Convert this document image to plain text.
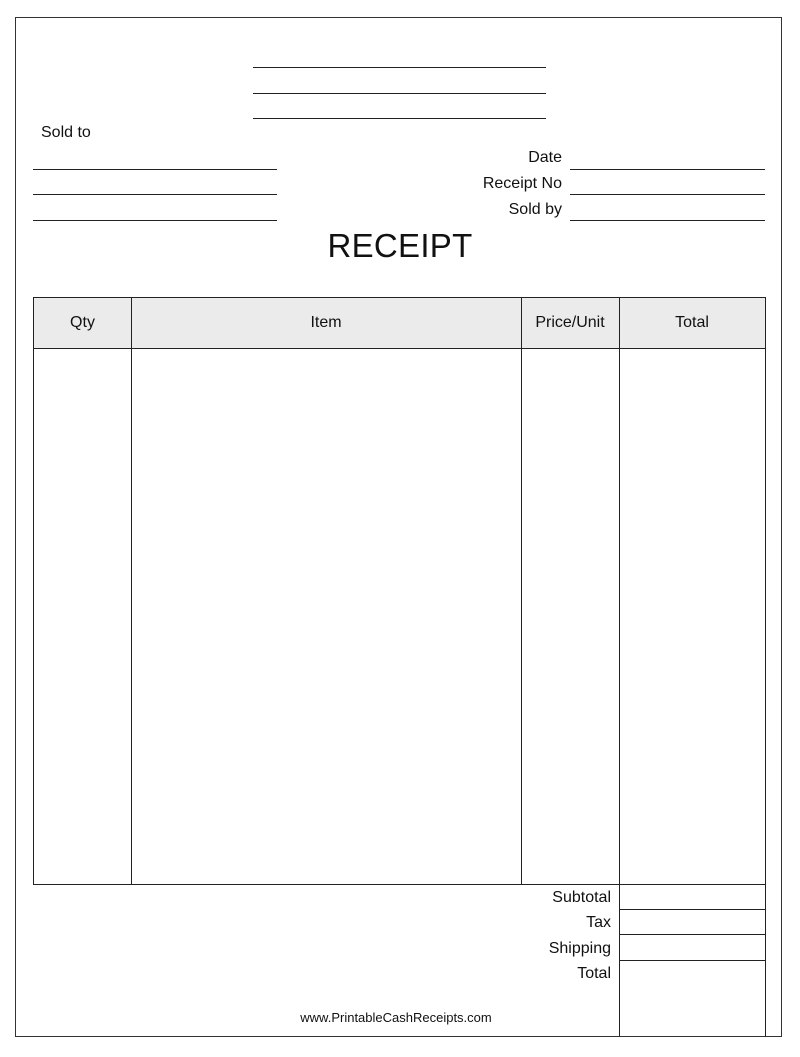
Sold to
Date
Receipt No
Sold by
RECEIPT
Qty	Item	Price/Unit	Total
Subtotal
Tax
Shipping
Total
www.PrintableCashReceipts.com
